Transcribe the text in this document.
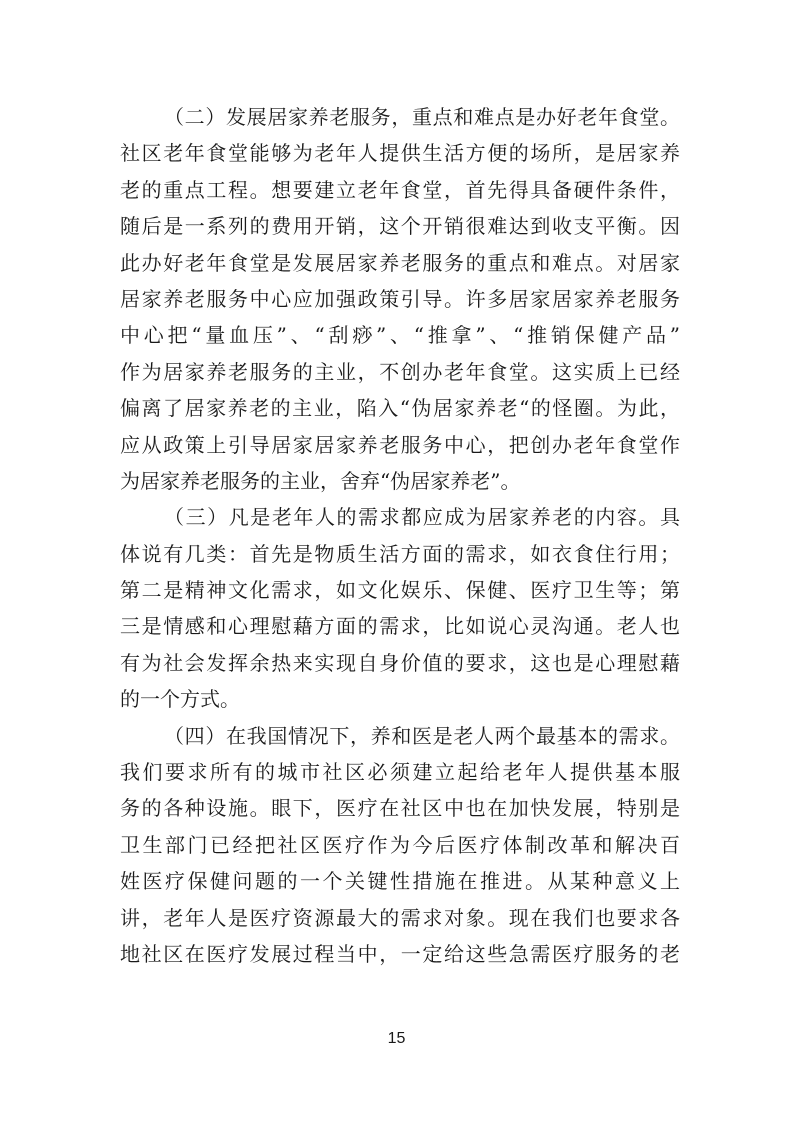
（二）发展居家养老服务，重点和难点是办好老年食堂。
社区老年食堂能够为老年人提供生活方便的场所，是居家养
老的重点工程。想要建立老年食堂，首先得具备硬件条件，
随后是一系列的费用开销，这个开销很难达到收支平衡。因
此办好老年食堂是发展居家养老服务的重点和难点。对居家
居家养老服务中心应加强政策引导。许多居家居家养老服务
中心把“量血压”、“刮痧”、“推拿”、“推销保健产品”
作为居家养老服务的主业，不创办老年食堂。这实质上已经
偏离了居家养老的主业，陷入“伪居家养老“的怪圈。为此，
应从政策上引导居家居家养老服务中心，把创办老年食堂作
为居家养老服务的主业，舍弃“伪居家养老”。
（三）凡是老年人的需求都应成为居家养老的内容。具
体说有几类：首先是物质生活方面的需求，如衣食住行用；
第二是精神文化需求，如文化娱乐、保健、医疗卫生等；第
三是情感和心理慰藉方面的需求，比如说心灵沟通。老人也
有为社会发挥余热来实现自身价值的要求，这也是心理慰藉
的一个方式。
（四）在我国情况下，养和医是老人两个最基本的需求。
我们要求所有的城市社区必须建立起给老年人提供基本服
务的各种设施。眼下，医疗在社区中也在加快发展，特别是
卫生部门已经把社区医疗作为今后医疗体制改革和解决百
姓医疗保健问题的一个关键性措施在推进。从某种意义上
讲，老年人是医疗资源最大的需求对象。现在我们也要求各
地社区在医疗发展过程当中，一定给这些急需医疗服务的老
15
